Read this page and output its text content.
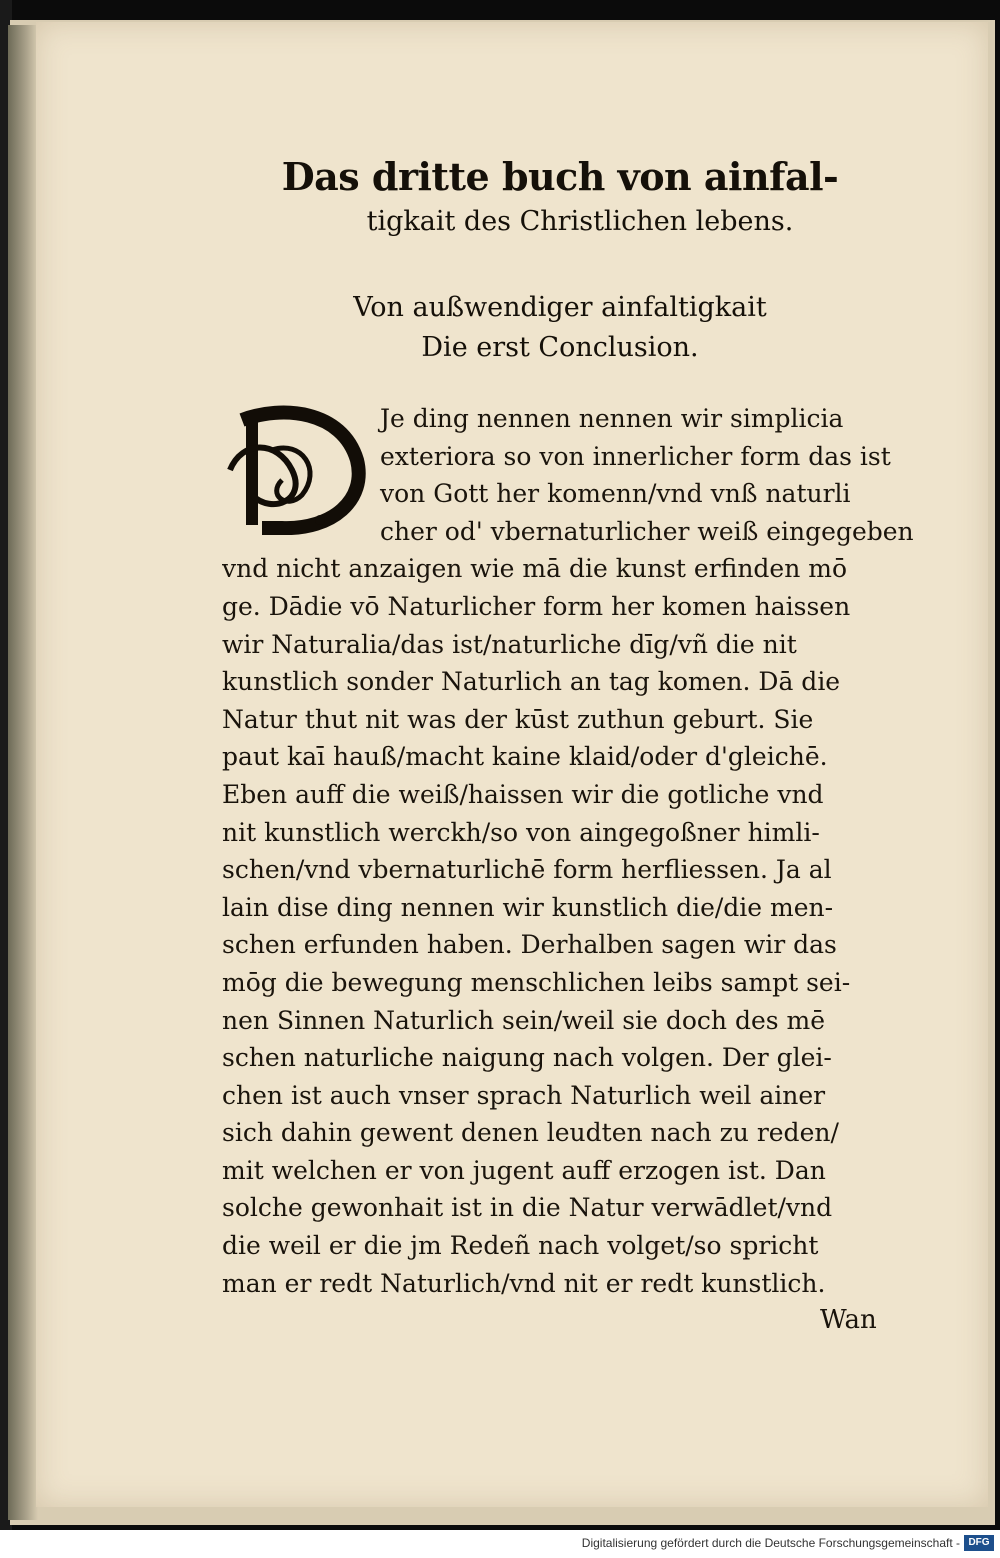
Das dritte buch von ainfal-
tigkait des Christlichen lebens.
Von außwendiger ainfaltigkait
Die erst Conclusion.
Je ding nennen nennen wir simplicia
exteriora so von innerlicher form das ist
von Gott her komenn/vnd vnß naturli
cher od' vbernaturlicher weiß eingegeben
vnd nicht anzaigen wie mā die kunst erfinden mō
ge. Dādie vō Naturlicher form her komen haissen
wir Naturalia/das ist/naturliche dīg/vñ die nit
kunstlich sonder Naturlich an tag komen. Dā die
Natur thut nit was der kūst zuthun geburt. Sie
paut kaī hauß/macht kaine klaid/oder d'gleichē.
Eben auff die weiß/haissen wir die gotliche vnd
nit kunstlich werckh/so von aingegoßner himli-
schen/vnd vbernaturlichē form herfliessen. Ja al
lain dise ding nennen wir kunstlich die/die men-
schen erfunden haben. Derhalben sagen wir das
mōg die bewegung menschlichen leibs sampt sei-
nen Sinnen Naturlich sein/weil sie doch des mē
schen naturliche naigung nach volgen. Der glei-
chen ist auch vnser sprach Naturlich weil ainer
sich dahin gewent denen leudten nach zu reden/
mit welchen er von jugent auff erzogen ist. Dan
solche gewonhait ist in die Natur verwādlet/vnd
die weil er die jm Redeñ nach volget/so spricht
man er redt Naturlich/vnd nit er redt kunstlich.
Wan
Digitalisierung gefördert durch die Deutsche Forschungsgemeinschaft - DFG
